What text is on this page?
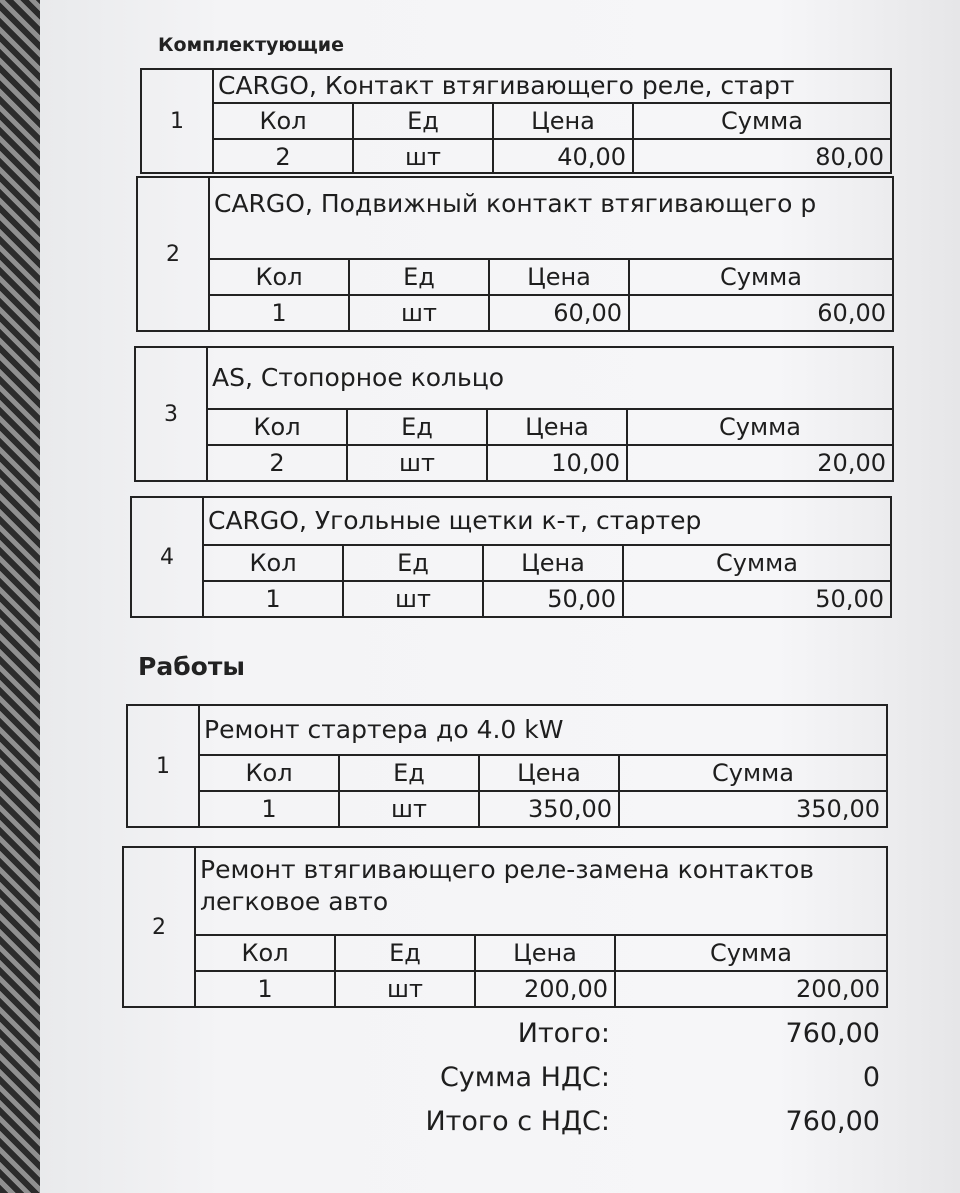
Комплектующие
1
CARGO, Контакт втягивающего реле, старт
Кол	Ед	Цена	Сумма
2	шт	40,00	80,00
2
CARGO, Подвижный контакт втягивающего р
Кол	Ед	Цена	Сумма
1	шт	60,00	60,00
3
AS, Стопорное кольцо
Кол	Ед	Цена	Сумма
2	шт	10,00	20,00
4
CARGO, Угольные щетки к-т, стартер
Кол	Ед	Цена	Сумма
1	шт	50,00	50,00
Работы
1
Ремонт стартера до 4.0 kW
Кол	Ед	Цена	Сумма
1	шт	350,00	350,00
2
Ремонт втягивающего реле-замена контактов легковое авто
Кол	Ед	Цена	Сумма
1	шт	200,00	200,00
Итого:	760,00
Сумма НДС:	0
Итого с НДС:	760,00
